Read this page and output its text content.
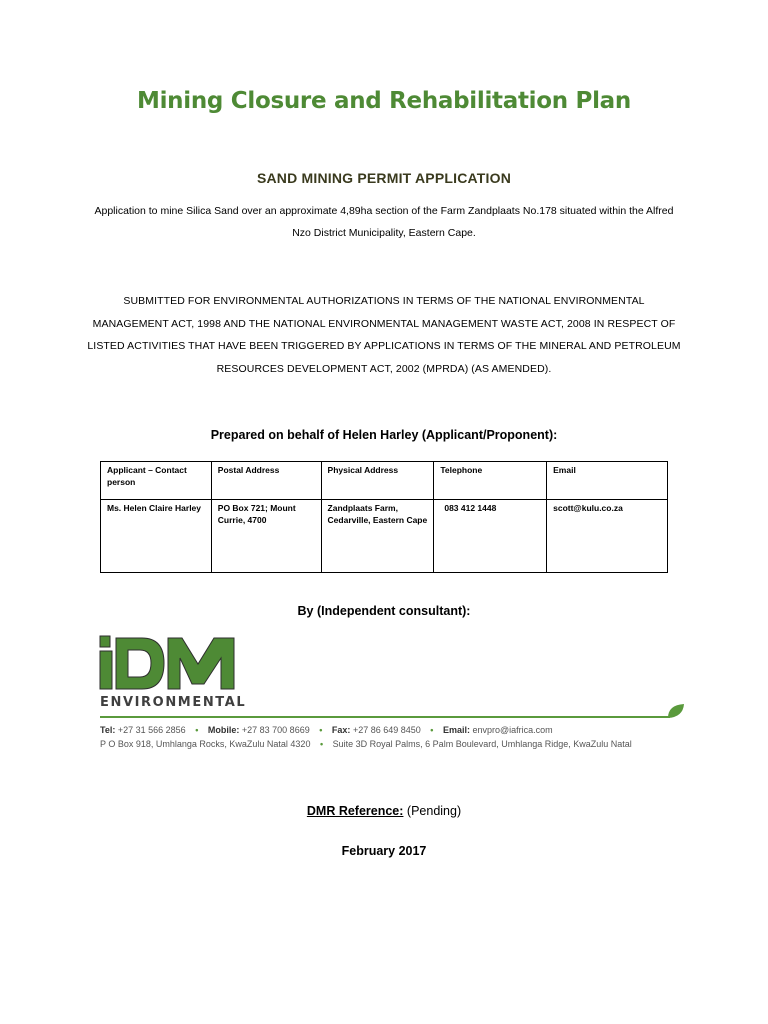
Mining Closure and Rehabilitation Plan
SAND MINING PERMIT APPLICATION
Application to mine Silica Sand over an approximate 4,89ha section of the Farm Zandplaats No.178 situated within the Alfred Nzo District Municipality, Eastern Cape.
SUBMITTED FOR ENVIRONMENTAL AUTHORIZATIONS IN TERMS OF THE NATIONAL ENVIRONMENTAL MANAGEMENT ACT, 1998 AND THE NATIONAL ENVIRONMENTAL MANAGEMENT WASTE ACT, 2008 IN RESPECT OF LISTED ACTIVITIES THAT HAVE BEEN TRIGGERED BY APPLICATIONS IN TERMS OF THE MINERAL AND PETROLEUM RESOURCES DEVELOPMENT ACT, 2002 (MPRDA) (AS AMENDED).
Prepared on behalf of Helen Harley (Applicant/Proponent):
Applicant – Contact person	Postal Address	Physical Address	Telephone	Email
Ms. Helen Claire Harley	PO Box 721; Mount Currie, 4700	Zandplaats Farm, Cedarville, Eastern Cape	083 412 1448	scott@kulu.co.za
By (Independent consultant):
ENVIRONMENTAL
Tel: +27 31 566 2856 • Mobile: +27 83 700 8669 • Fax: +27 86 649 8450 • Email: envpro@iafrica.com
P O Box 918, Umhlanga Rocks, KwaZulu Natal 4320 • Suite 3D Royal Palms, 6 Palm Boulevard, Umhlanga Ridge, KwaZulu Natal
DMR Reference: (Pending)
February 2017
